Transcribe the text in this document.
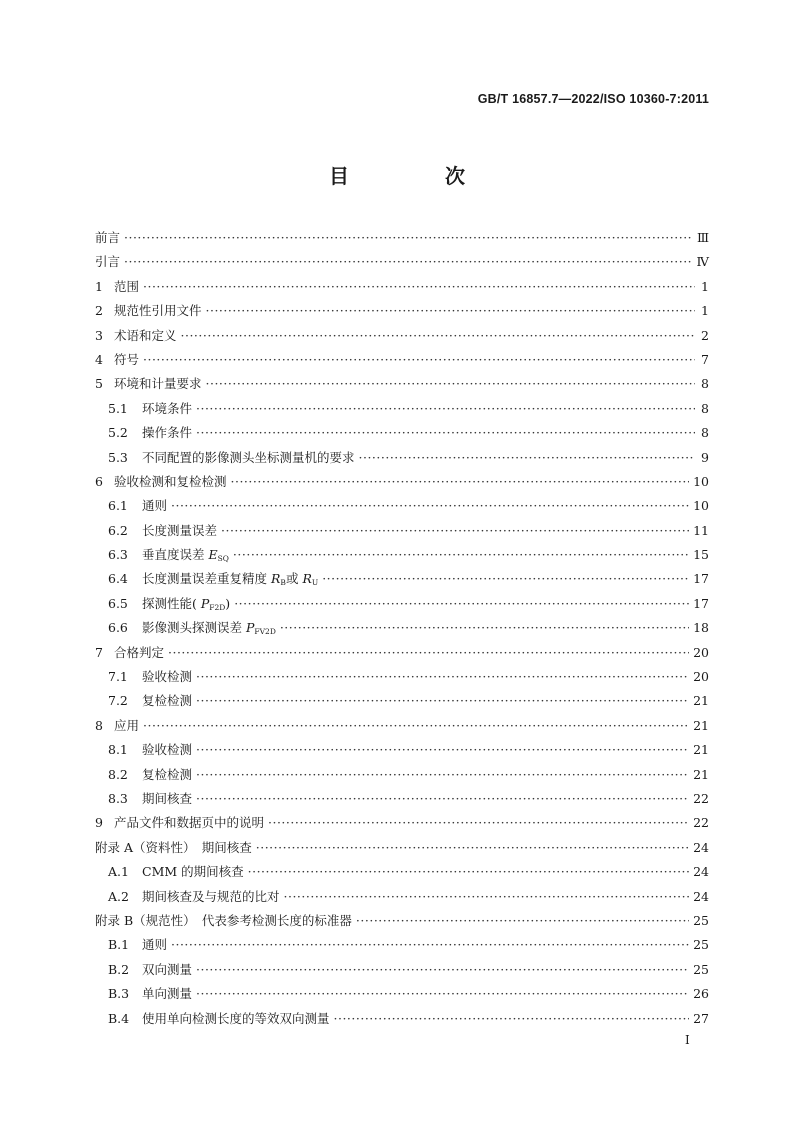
GB/T 16857.7—2022/ISO 10360-7:2011
目　次
前言 ·····	Ⅲ
引言 ·····	Ⅳ
1 范围 ·····	1
2 规范性引用文件 ·····	1
3 术语和定义 ·····	2
4 符号 ·····	7
5 环境和计量要求 ·····	8
5.1	环境条件 ·····	8
5.2	操作条件 ·····	8
5.3	不同配置的影像测头坐标测量机的要求 ·····	9
6 验收检测和复检检测 ·····	10
6.1	通则 ·····	10
6.2	长度测量误差 ·····	11
6.3	垂直度误差 $E_{SQ}$ ·····	15
6.4	长度测量误差重复精度 $R_B$或 $R_U$ ·····	17
6.5	探测性能( $P_{F2D}$) ·····	17
6.6	影像测头探测误差 $P_{FV2D}$ ·····	18
7 合格判定 ·····	20
7.1	验收检测 ·····	20
7.2	复检检测 ·····	21
8 应用 ·····	21
8.1	验收检测 ·····	21
8.2	复检检测 ·····	21
8.3	期间核查 ·····	22
9 产品文件和数据页中的说明 ·····	22
附录 A（资料性）　期间核查 ·····	24
A.1	CMM 的期间核查 ·····	24
A.2	期间核查及与规范的比对 ·····	24
附录 B（规范性）　代表参考检测长度的标准器 ·····	25
B.1	通则 ·····	25
B.2	双向测量 ·····	25
B.3	单向测量 ·····	26
B.4	使用单向检测长度的等效双向测量 ·····	27
I
